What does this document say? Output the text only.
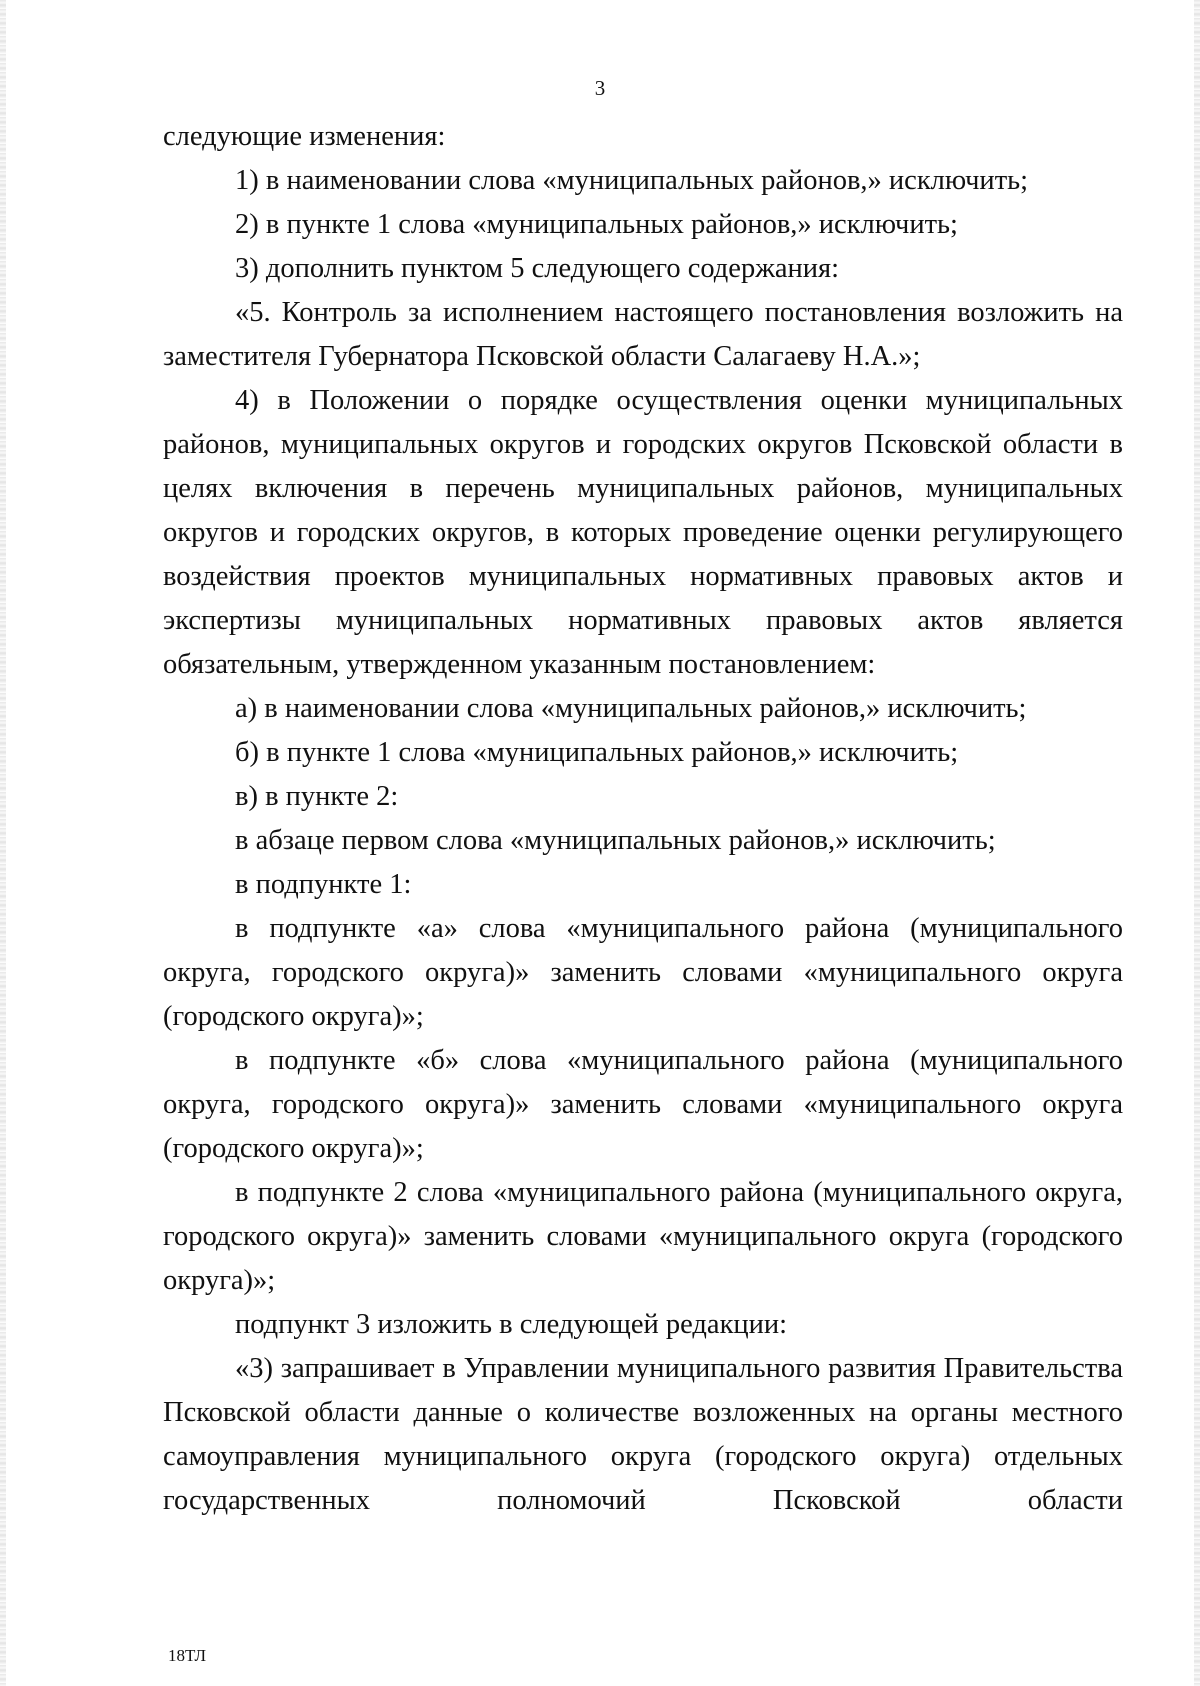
3

следующие изменения:

1) в наименовании слова «муниципальных районов,» исключить;

2) в пункте 1 слова «муниципальных районов,» исключить;

3) дополнить пунктом 5 следующего содержания:

«5. Контроль за исполнением настоящего постановления возложить на заместителя Губернатора Псковской области Салагаеву Н.А.»;

4) в Положении о порядке осуществления оценки муниципальных районов, муниципальных округов и городских округов Псковской области в целях включения в перечень муниципальных районов, муниципальных округов и городских округов, в которых проведение оценки регулирующего воздействия проектов муниципальных нормативных правовых актов и экспертизы муниципальных нормативных правовых актов является обязательным, утвержденном указанным постановлением:

а) в наименовании слова «муниципальных районов,» исключить;

б) в пункте 1 слова «муниципальных районов,» исключить;

в) в пункте 2:

в абзаце первом слова «муниципальных районов,» исключить;

в подпункте 1:

в подпункте «а» слова «муниципального района (муниципального округа, городского округа)» заменить словами «муниципального округа (городского округа)»;

в подпункте «б» слова «муниципального района (муниципального округа, городского округа)» заменить словами «муниципального округа (городского округа)»;

в подпункте 2 слова «муниципального района (муниципального округа, городского округа)» заменить словами «муниципального округа (городского округа)»;

подпункт 3 изложить в следующей редакции:

«3) запрашивает в Управлении муниципального развития Правительства Псковской области данные о количестве возложенных на органы местного самоуправления муниципального округа (городского округа) отдельных государственных полномочий Псковской области

18ТЛ
